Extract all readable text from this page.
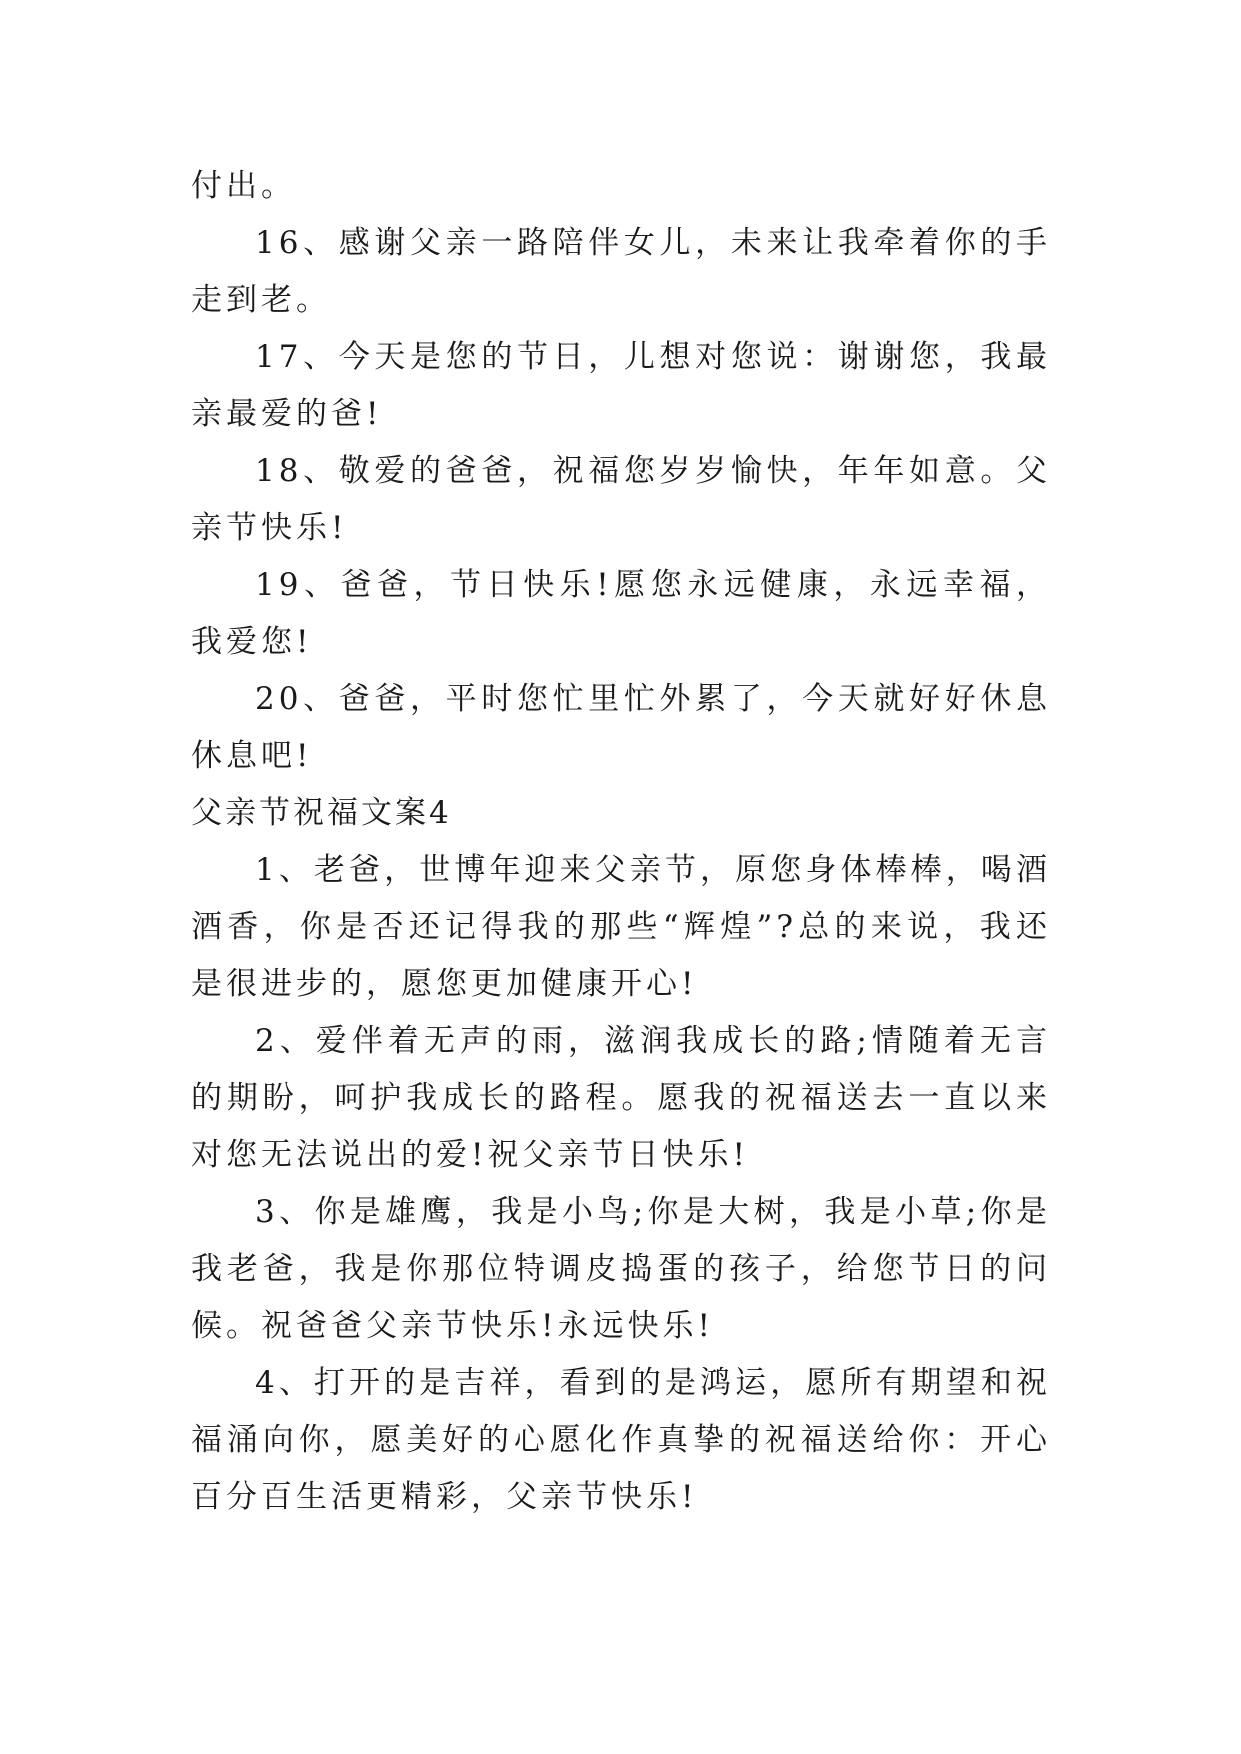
付出。

16、感谢父亲一路陪伴女儿，未来让我牵着你的手走到老。

17、今天是您的节日，儿想对您说：谢谢您，我最亲最爱的爸!

18、敬爱的爸爸，祝福您岁岁愉快，年年如意。父亲节快乐!

19、爸爸，节日快乐!愿您永远健康，永远幸福，我爱您!

20、爸爸，平时您忙里忙外累了，今天就好好休息休息吧!

父亲节祝福文案4

1、老爸，世博年迎来父亲节，原您身体棒棒，喝酒酒香，你是否还记得我的那些“辉煌”?总的来说，我还是很进步的，愿您更加健康开心!

2、爱伴着无声的雨，滋润我成长的路;情随着无言的期盼，呵护我成长的路程。愿我的祝福送去一直以来对您无法说出的爱!祝父亲节日快乐!

3、你是雄鹰，我是小鸟;你是大树，我是小草;你是我老爸，我是你那位特调皮捣蛋的孩子，给您节日的问候。祝爸爸父亲节快乐!永远快乐!

4、打开的是吉祥，看到的是鸿运，愿所有期望和祝福涌向你，愿美好的心愿化作真挚的祝福送给你：开心百分百生活更精彩，父亲节快乐!
